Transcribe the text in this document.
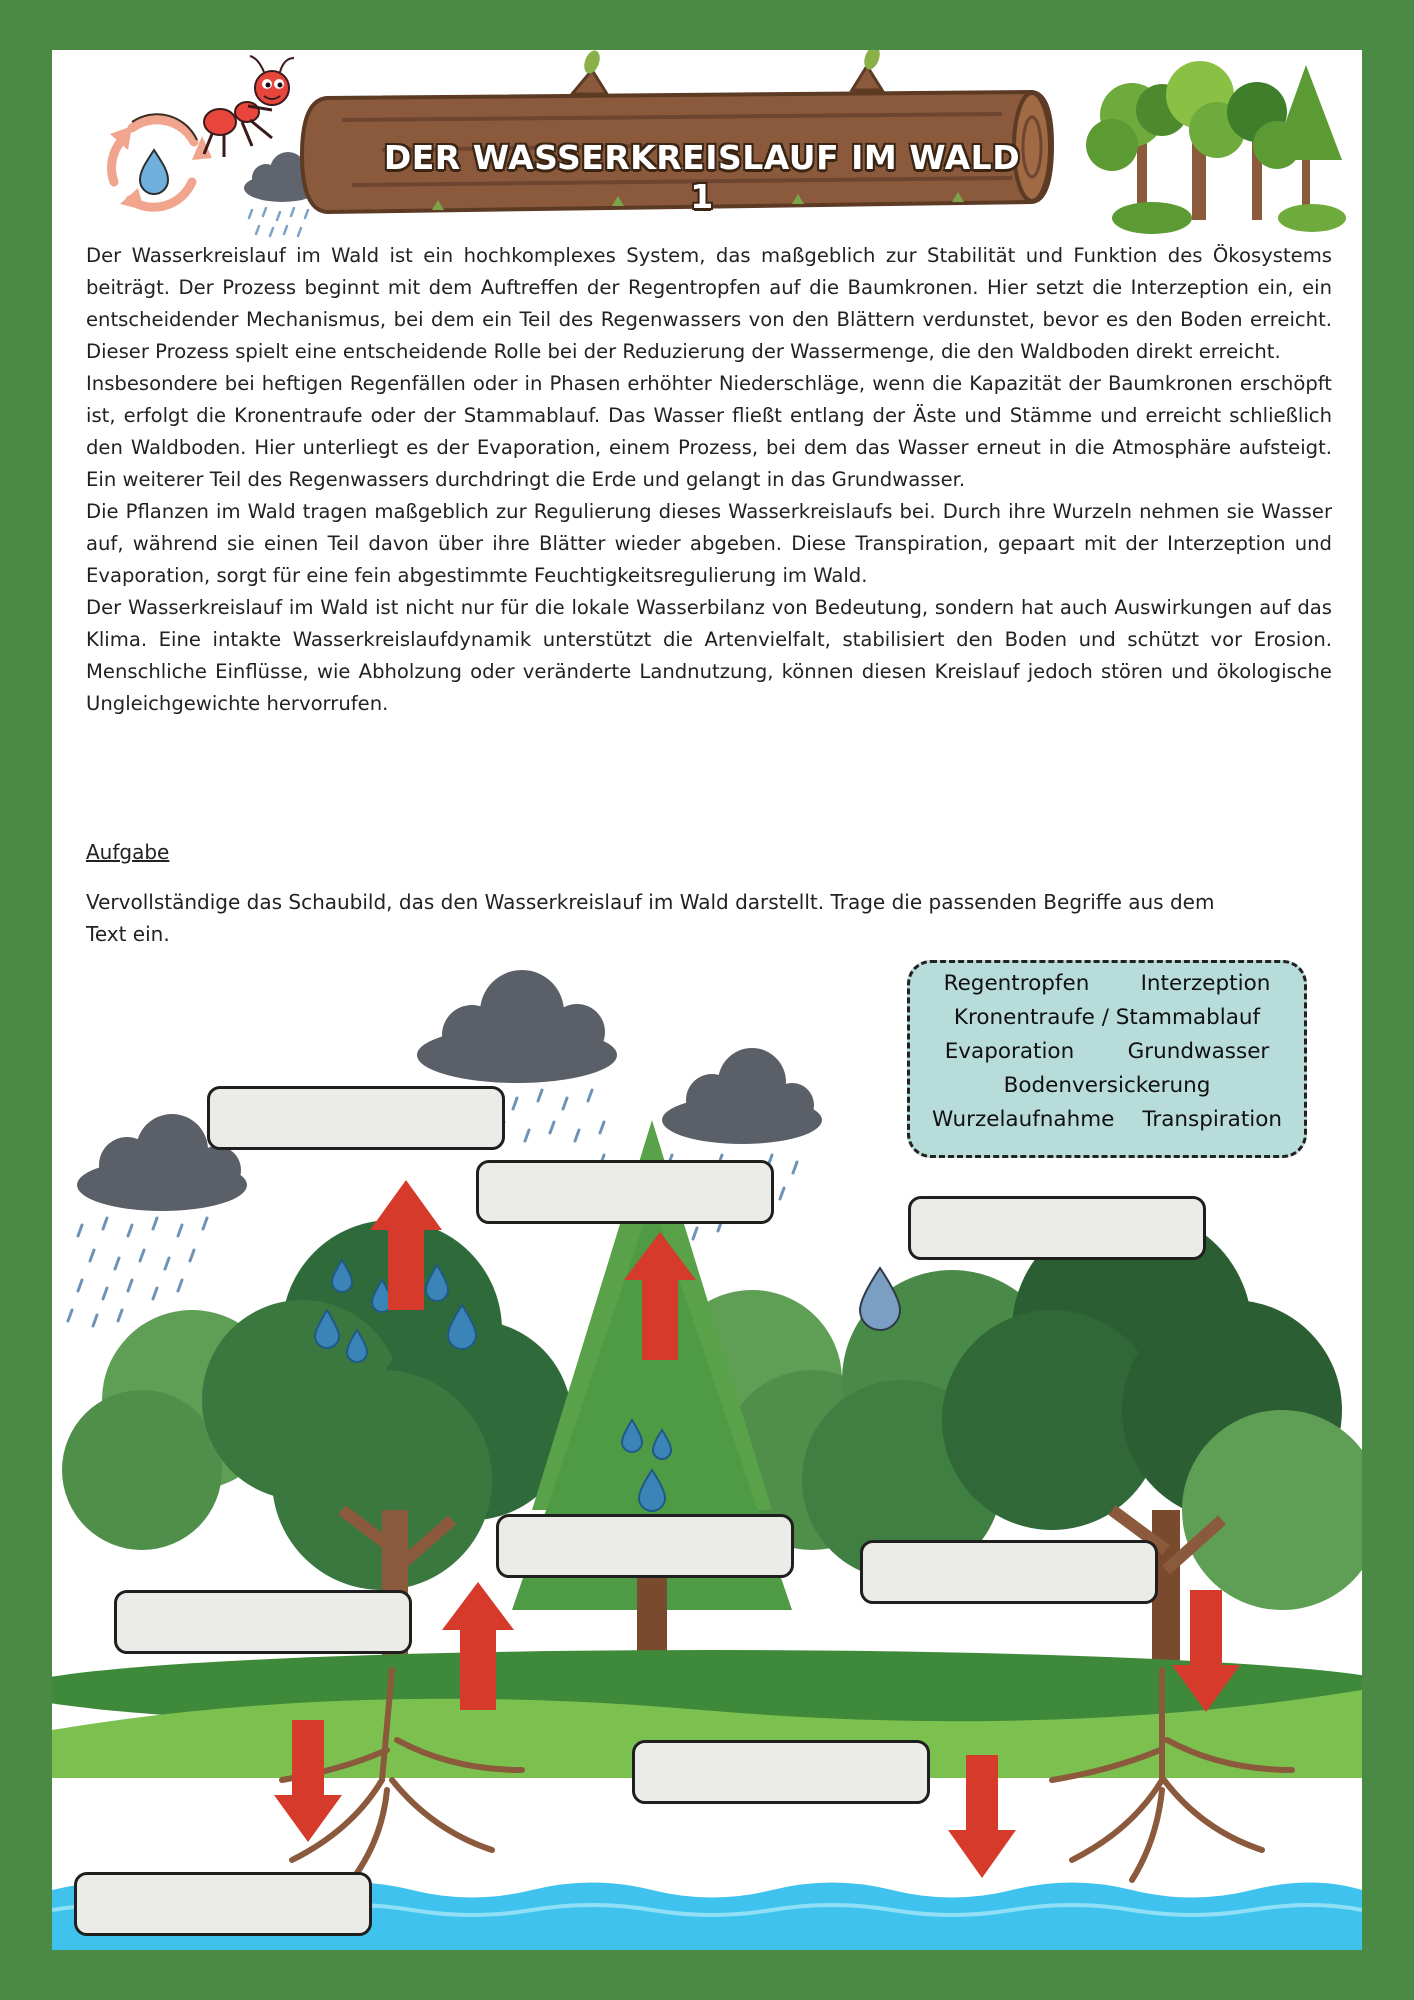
DER WASSERKREISLAUF IM WALD 1

Der Wasserkreislauf im Wald ist ein hochkomplexes System, das maßgeblich zur Stabilität und Funktion des Ökosystems beiträgt. Der Prozess beginnt mit dem Auftreffen der Regentropfen auf die Baumkronen. Hier setzt die Interzeption ein, ein entscheidender Mechanismus, bei dem ein Teil des Regenwassers von den Blättern verdunstet, bevor es den Boden erreicht. Dieser Prozess spielt eine entscheidende Rolle bei der Reduzierung der Wassermenge, die den Waldboden direkt erreicht.

Insbesondere bei heftigen Regenfällen oder in Phasen erhöhter Niederschläge, wenn die Kapazität der Baumkronen erschöpft ist, erfolgt die Kronentraufe oder der Stammablauf. Das Wasser fließt entlang der Äste und Stämme und erreicht schließlich den Waldboden. Hier unterliegt es der Evaporation, einem Prozess, bei dem das Wasser erneut in die Atmosphäre aufsteigt. Ein weiterer Teil des Regenwassers durchdringt die Erde und gelangt in das Grundwasser.

Die Pflanzen im Wald tragen maßgeblich zur Regulierung dieses Wasserkreislaufs bei. Durch ihre Wurzeln nehmen sie Wasser auf, während sie einen Teil davon über ihre Blätter wieder abgeben. Diese Transpiration, gepaart mit der Interzeption und Evaporation, sorgt für eine fein abgestimmte Feuchtigkeitsregulierung im Wald.

Der Wasserkreislauf im Wald ist nicht nur für die lokale Wasserbilanz von Bedeutung, sondern hat auch Auswirkungen auf das Klima. Eine intakte Wasserkreislaufdynamik unterstützt die Artenvielfalt, stabilisiert den Boden und schützt vor Erosion. Menschliche Einflüsse, wie Abholzung oder veränderte Landnutzung, können diesen Kreislauf jedoch stören und ökologische Ungleichgewichte hervorrufen.

Aufgabe
Vervollständige das Schaubild, das den Wasserkreislauf im Wald darstellt. Trage die passenden Begriffe aus dem Text ein.
Regentropfen Interzeption
Kronentraufe / Stammablauf
Evaporation Grundwasser
Bodenversickerung
Wurzelaufnahme Transpiration
